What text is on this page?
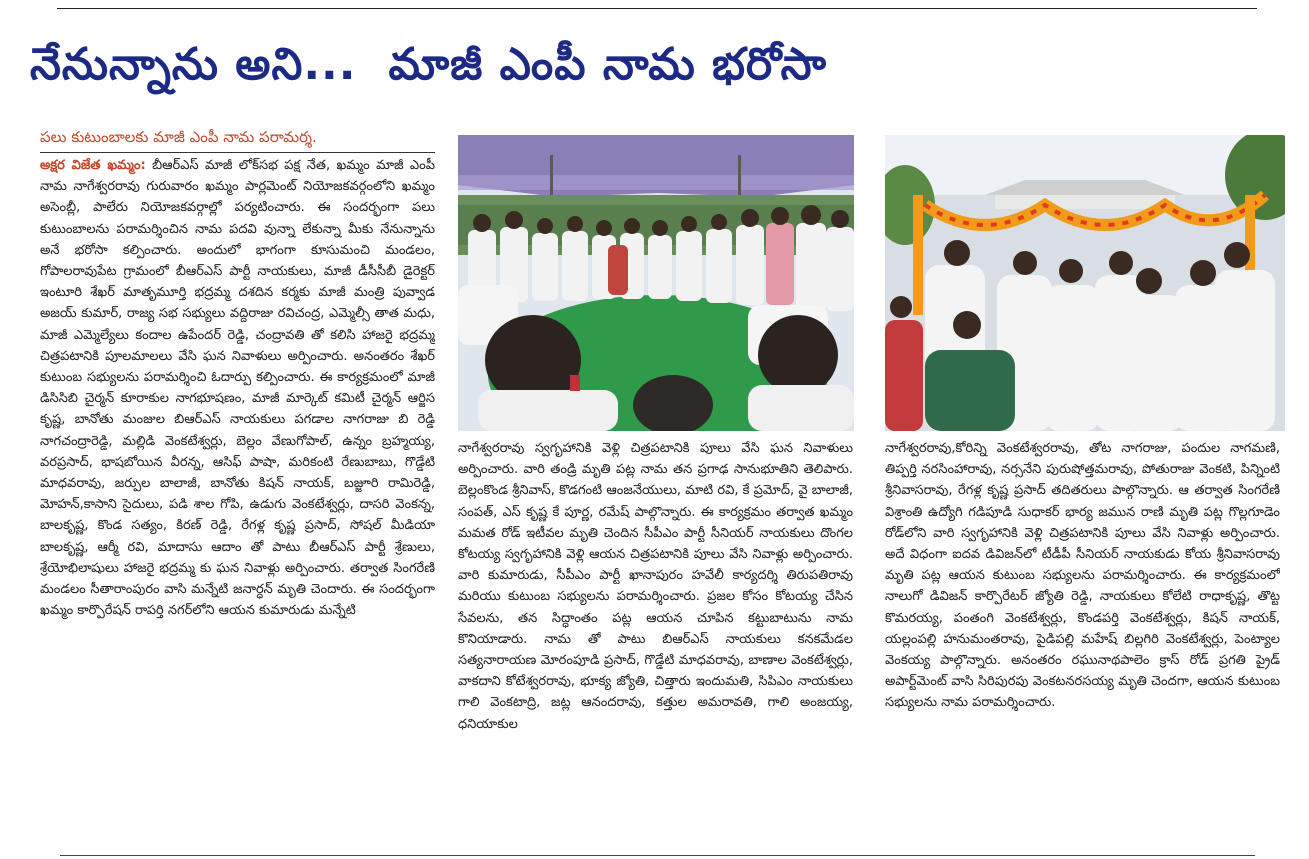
నేనున్నాను అని... మాజీ ఎంపీ నామ భరోసా
పలు కుటుంబాలకు మాజీ ఎంపీ నామ పరామర్శ.

అక్షర విజేత ఖమ్మం: బీఆర్ఎస్ మాజీ లోక్‌సభ పక్ష నేత, ఖమ్మం మాజీ ఎంపీ నామ నాగేశ్వరరావు గురువారం ఖమ్మం పార్లమెంట్ నియోజకవర్గంలోని ఖమ్మం అసెంబ్లీ, పాలేరు నియోజకవర్గాల్లో పర్యటించారు. ఈ సందర్భంగా పలు కుటుంబాలను పరామర్శించిన నామ పదవి వున్నా లేకున్నా మీకు నేనున్నాను అనే భరోసా కల్పించారు. అందులో భాగంగా కూసుమంచి మండలం, గోపాలరావుపేట గ్రామంలో బీఆర్ఎస్ పార్టీ నాయకులు, మాజీ డీసీసీబీ డైరెక్టర్ ఇంటూరి శేఖర్ మాతృమూర్తి భద్రమ్మ దశదిన కర్మకు మాజీ మంత్రి పువ్వాడ అజయ్ కుమార్, రాజ్య సభ సభ్యులు వద్దిరాజు రవిచంద్ర, ఎమ్మెల్సీ తాత మధు, మాజీ ఎమ్మెల్యేలు కందాల ఉపేందర్ రెడ్డి, చంద్రావతి తో కలిసి హాజరై భద్రమ్మ చిత్రపటానికి పూలమాలలు వేసి ఘన నివాళులు అర్పించారు. అనంతరం శేఖర్ కుటుంబ సభ్యులను పరామర్శించి ఓదార్పు కల్పించారు. ఈ కార్యక్రమంలో మాజీ డిసిసిబి చైర్మన్ కూరాకుల నాగభూషణం, మాజీ మార్కెట్ కమిటీ చైర్మన్ ఆర్జిస కృష్ణ, బానోతు మంజుల బిఆర్ఎస్ నాయకులు పగడాల నాగరాజు బి రెడ్డి నాగచంద్రారెడ్డి, మల్లిడి వెంకటేశ్వర్లు, బెల్లం వేణుగోపాల్, ఉన్నం బ్రహ్మయ్య, వరప్రసాద్, భాషబోయిన వీరన్న, ఆసిఫ్ పాషా, మరికంటి రేణుబాబు, గొడ్డేటి మాధవరావు, జర్పుల బాలాజీ, బానోతు కిషన్ నాయక్, బజ్జూరి రామిరెడ్డి, మోహన్,కాసాని సైదులు, పడి శాల గోపి, ఉడుగు వెంకటేశ్వర్లు, దాసరి వెంకన్న, బాలకృష్ణ, కొండ సత్యం, కిరణ్ రెడ్డి, రేగళ్ల కృష్ణ ప్రసాద్, సోషల్ మీడియా బాలకృష్ణ, ఆర్మీ రవి, మాదాసు ఆదాం తో పాటు బీఆర్ఎస్ పార్టీ శ్రేణులు, శ్రేయోభిలాషులు హాజరై భద్రమ్మ కు ఘన నివాళ్లు అర్పించారు. తర్వాత సింగరేణి మండలం సీతారాంపురం వాసి మన్నేటి జనార్ధన్ మృతి చెందారు. ఈ సందర్భంగా ఖమ్మం కార్పొరేషన్ రాపర్తి నగర్‌లోని ఆయన కుమారుడు మన్నేటి

నాగేశ్వరరావు స్వగృహానికి వెళ్లి చిత్రపటానికి పూలు వేసి ఘన నివాళులు అర్పించారు. వారి తండ్రి మృతి పట్ల నామ తన ప్రగాఢ సానుభూతిని తెలిపారు. బెల్లంకొండ శ్రీనివాస్, కొడగంటి ఆంజనేయులు, మాటి రవి, కే ప్రమోద్, వై బాలాజీ, సంపత్, ఎస్ కృష్ణ కే పూర్ణ, రమేష్ పాల్గొన్నారు. ఈ కార్యక్రమం తర్వాత ఖమ్మం మమత రోడ్ ఇటీవల మృతి చెందిన సీపీఎం పార్టీ సీనియర్ నాయకులు దొంగల కోటయ్య స్వగృహానికి వెళ్లి ఆయన చిత్రపటానికి పూలు వేసి నివాళ్లు అర్పించారు. వారి కుమారుడు, సీపీఎం పార్టీ ఖానాపురం హవేలీ కార్యదర్శి తిరుపతిరావు మరియు కుటుంబ సభ్యులను పరామర్శించారు. ప్రజల కోసం కోటయ్య చేసిన సేవలను, తన సిద్ధాంతం పట్ల ఆయన చూపిన కట్టుబాటును నామ కొనియాడారు. నామ తో పాటు బిఆర్ఎస్ నాయకులు కనకమేడల సత్యనారాయణ మోరంపూడి ప్రసాద్, గొడ్డేటి మాధవరావు, బాణాల వెంకటేశ్వర్లు, వాకదాని కోటేశ్వరరావు, భూక్య జ్యోతి, చిత్తారు ఇందుమతి, సిపిఎం నాయకులు గాలి వెంకటాద్రి, జట్ల ఆనందరావు, కత్తుల అమరావతి, గాలి అంజయ్య, ధనియాకుల

నాగేశ్వరరావు,కోరిన్ని వెంకటేశ్వరరావు, తోట నాగరాజు, పందుల నాగమణి, తిప్పర్తి నరసింహారావు, నర్సనేని పురుషోత్తమరావు, పోతురాజు వెంకటి, పిన్నింటి శ్రీనివాసరావు, రేగళ్ల కృష్ణ ప్రసాద్ తదితరులు పాల్గొన్నారు. ఆ తర్వాత సింగరేణి విశ్రాంతి ఉద్యోగి గడిపూడి సుధాకర్ భార్య జమున రాణి మృతి పట్ల గొల్లగూడెం రోడ్‌లోని వారి స్వగృహానికి వెళ్లి చిత్రపటానికి పూలు వేసి నివాళ్లు అర్పించారు. అదే విధంగా ఐదవ డివిజన్‌లో టీడీపీ సీనియర్ నాయకుడు కోయ శ్రీనివాసరావు మృతి పట్ల ఆయన కుటుంబ సభ్యులను పరామర్శించారు. ఈ కార్యక్రమంలో నాలుగో డివిజన్ కార్పొరేటర్ జ్యోతి రెడ్డి, నాయకులు కోలేటి రాధాకృష్ణ, తొట్ట కొమరయ్య, పంతంగి వెంకటేశ్వర్లు, కొండపర్తి వెంకటేశ్వర్లు, కిషన్ నాయక్, యల్లంపల్లి హనుమంతరావు, పైడిపల్లి మహేష్ బిల్లగిరి వెంకటేశ్వర్లు, పెంట్యాల వెంకయ్య పాల్గొన్నారు. అనంతరం రఘునాథపాలెం క్రాస్ రోడ్ ప్రగతి ప్రైడ్ అపార్ట్‌మెంట్ వాసి సిరిపురపు వెంకటనరసయ్య మృతి చెందగా, ఆయన కుటుంబ సభ్యులను నామ పరామర్శించారు.
